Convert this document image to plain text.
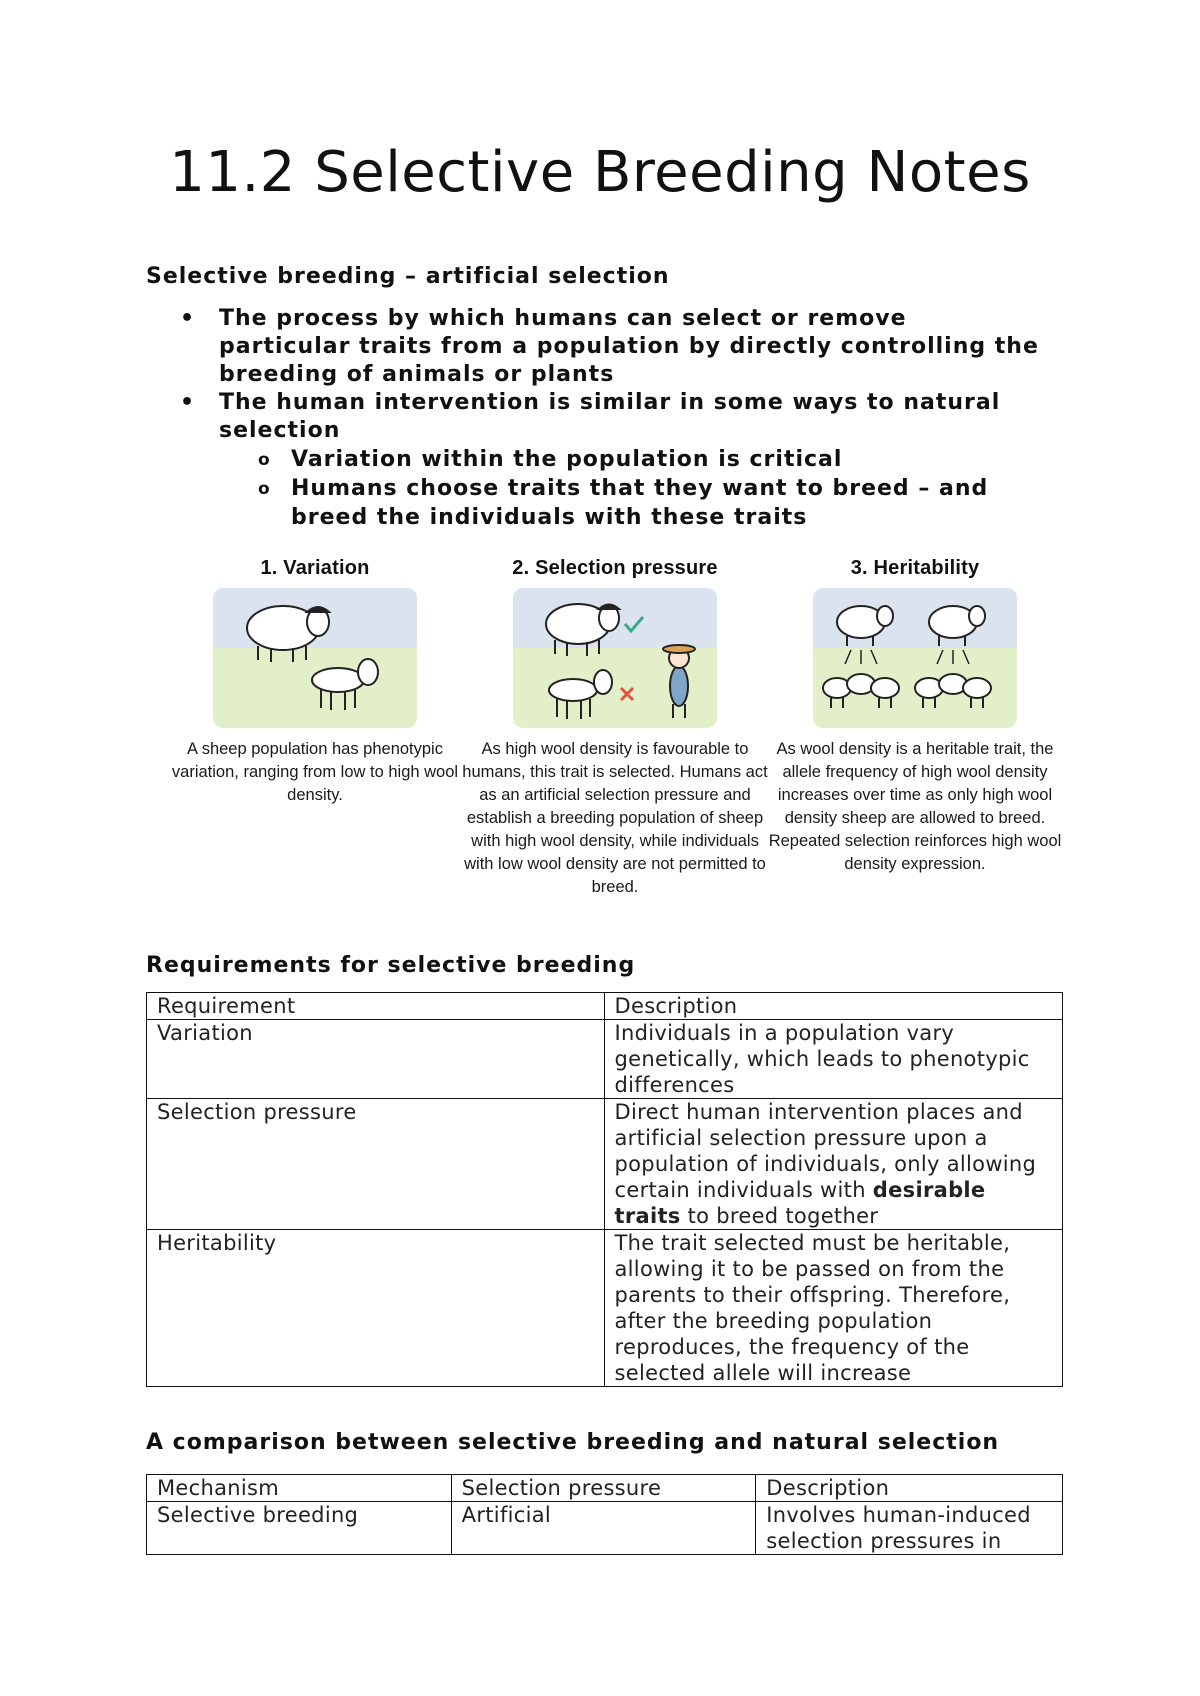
11.2 Selective Breeding Notes
Selective breeding – artificial selection
• The process by which humans can select or remove particular traits from a population by directly controlling the breeding of animals or plants
• The human intervention is similar in some ways to natural selection
o Variation within the population is critical
o Humans choose traits that they want to breed – and breed the individuals with these traits
1. Variation
A sheep population has phenotypic variation, ranging from low to high wool density.
2. Selection pressure
As high wool density is favourable to humans, this trait is selected. Humans act as an artificial selection pressure and establish a breeding population of sheep with high wool density, while individuals with low wool density are not permitted to breed.
3. Heritability
As wool density is a heritable trait, the allele frequency of high wool density increases over time as only high wool density sheep are allowed to breed. Repeated selection reinforces high wool density expression.
Requirements for selective breeding
Requirement	Description
Variation	Individuals in a population vary genetically, which leads to phenotypic differences
Selection pressure	Direct human intervention places and artificial selection pressure upon a population of individuals, only allowing certain individuals with desirable traits to breed together
Heritability	The trait selected must be heritable, allowing it to be passed on from the parents to their offspring. Therefore, after the breeding population reproduces, the frequency of the selected allele will increase
A comparison between selective breeding and natural selection
Mechanism	Selection pressure	Description
Selective breeding	Artificial	Involves human-induced selection pressures in
